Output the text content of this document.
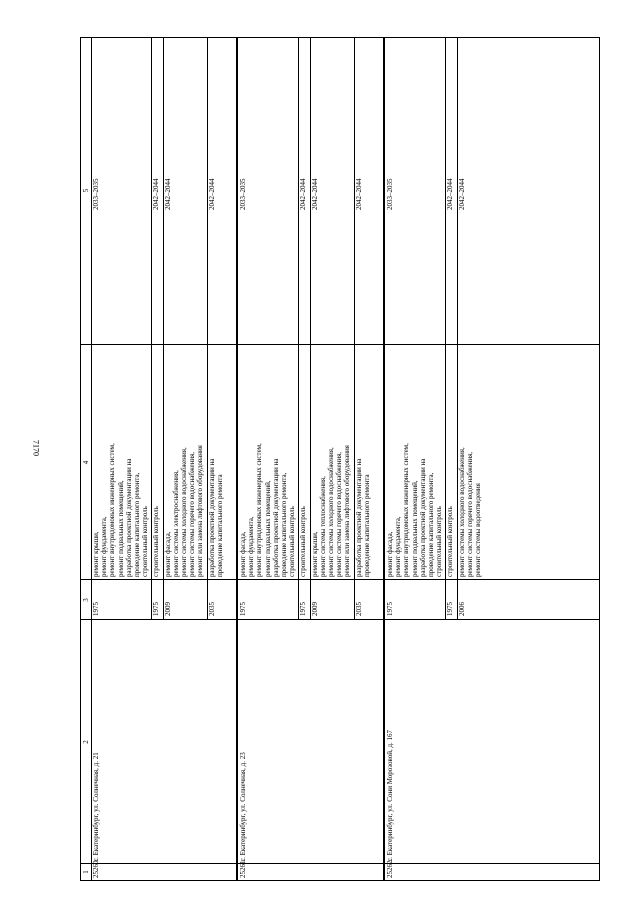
7170
1
2
3
4
5
1975
ремонт крыши, ремонт фундамента, ремонт внутридомовых инженерных систем, ремонт подвальных помещений, разработка проектной документации на проведение капитального ремонта, строительный контроль
2033–2035
1975
строительный контроль
2042–2044
2009
ремонт фасада, ремонт системы электроснабжения, ремонт системы холодного водоснабжения, ремонт системы горячего водоснабжения, ремонт или замена лифтового оборудования
2042–2044
2035
разработка проектной документации на проведение капитального ремонта
2042–2044
25260.
г. Екатеринбург, ул. Солнечная, д. 21
1975
ремонт фасада, ремонт фундамента, ремонт внутридомовых инженерных систем, ремонт подвальных помещений, разработка проектной документации на проведение капитального ремонта, строительный контроль
2033–2035
1975
строительный контроль
2042–2044
2009
ремонт крыши, ремонт системы теплоснабжения, ремонт системы холодного водоснабжения, ремонт системы горячего водоснабжения, ремонт или замена лифтового оборудования
2042–2044
2035
разработка проектной документации на проведение капитального ремонта
2042–2044
25261.
г. Екатеринбург, ул. Солнечная, д. 23
1975
ремонт фасада, ремонт фундамента, ремонт внутридомовых инженерных систем, ремонт подвальных помещений, разработка проектной документации на проведение капитального ремонта, строительный контроль
2033–2035
1975
строительный контроль
2042–2044
2006
ремонт системы холодного водоснабжения, ремонт системы горячего водоснабжения, ремонт системы водоотведения
2042–2044
25262.
г. Екатеринбург, ул. Сони Морозовой, д. 167
